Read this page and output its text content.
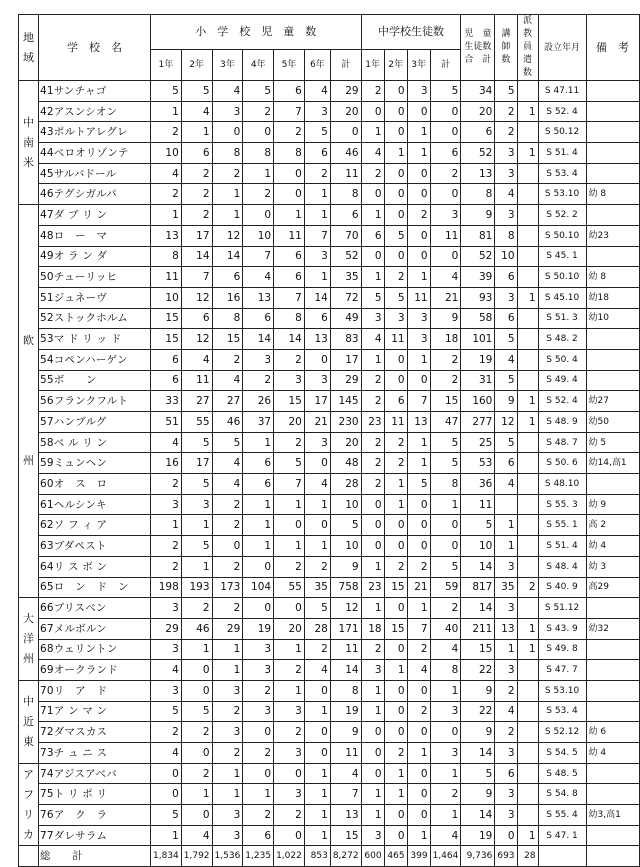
地域	学　校　名	小　学　校　児　童　数							中学校生徒数				児　童
生徒数
合　計	講
師
数	派教
員
遣数	設立年月	備　考
		1年	2年	3年	4年	5年	6年	計	1年	2年	3年	計					
中
南
米	41サンチャゴ	5	5	4	5	6	4	29	2	0	3	5	34	5		S 47.11	
	42アスンシオン	1	4	3	2	7	3	20	0	0	0	0	20	2	1	S 52. 4	
	43ポルトアレグレ	2	1	0	0	2	5	0	1	0	1	0	6	2		S 50.12	
	44ベロオリゾンテ	10	6	8	8	8	6	46	4	1	1	6	52	3	1	S 51. 4	
	45サルバドール	4	2	2	1	0	2	11	2	0	0	2	13	3		S 53. 4	
	46テグシガルパ	2	2	1	2	0	1	8	0	0	0	0	8	4		S 53.10	幼 8
欧

州	47ダ ブ リ ン	1	2	1	0	1	1	6	1	0	2	3	9	3		S 52. 2	
	48ロ　ー　マ	13	17	12	10	11	7	70	6	5	0	11	81	8		S 50.10	幼23
	49オ ラ ン ダ	8	14	14	7	6	3	52	0	0	0	0	52	10		S 45. 1	
	50チューリッヒ	11	7	6	4	6	1	35	1	2	1	4	39	6		S 50.10	幼 8
	51ジュネーヴ	10	12	16	13	7	14	72	5	5	11	21	93	3	1	S 45.10	幼18
	52ストックホルム	15	6	8	6	8	6	49	3	3	3	9	58	6		S 51. 3	幼10
	53マ ド リ ッ ド	15	12	15	14	14	13	83	4	11	3	18	101	5		S 48. 2	
	54コペンハーゲン	6	4	2	3	2	0	17	1	0	1	2	19	4		S 50. 4	
	55ボ　　ン	6	11	4	2	3	3	29	2	0	0	2	31	5		S 49. 4	
	56フランクフルト	33	27	27	26	15	17	145	2	6	7	15	160	9	1	S 52. 4	幼27
	57ハンブルグ	51	55	46	37	20	21	230	23	11	13	47	277	12	1	S 48. 9	幼50
	58ベ ル リ ン	4	5	5	1	2	3	20	2	2	1	5	25	5		S 48. 7	幼 5
	59ミュンヘン	16	17	4	6	5	0	48	2	2	1	5	53	6		S 50. 6	幼14,高1
	60オ　ス　ロ	2	5	4	6	7	4	28	2	1	5	8	36	4		S 48.10	
	61ヘルシンキ	3	3	2	1	1	1	10	0	1	0	1	11			S 55. 3	幼 9
	62ソ フ ィ ア	1	1	2	1	0	0	5	0	0	0	0	5	1		S 55. 1	高 2
	63ブダペスト	2	5	0	1	1	1	10	0	0	0	0	10	1		S 51. 4	幼 4
	64リ ス ボ ン	2	1	2	0	2	2	9	1	2	2	5	14	3		S 48. 4	幼 3
	65ロ　ン　ド　ン	198	193	173	104	55	35	758	23	15	21	59	817	35	2	S 40. 9	高29
大
洋
州	66ブリスベン	3	2	2	0	0	5	12	1	0	1	2	14	3		S 51.12	
	67メルボルン	29	46	29	19	20	28	171	18	15	7	40	211	13	1	S 43. 9	幼32
	68ウェリントン	3	1	1	3	1	2	11	2	0	2	4	15	1	1	S 49. 8	
	69オークランド	4	0	1	3	2	4	14	3	1	4	8	22	3		S 47. 7	
中
近
東	70リ　ア　ド	3	0	3	2	1	0	8	1	0	0	1	9	2		S 53.10	
	71ア ン マ ン	5	5	2	3	3	1	19	1	0	2	3	22	4		S 53. 4	
	72ダマスカス	2	2	3	0	2	0	9	0	0	0	0	9	2		S 52.12	幼 6
	73チ ュ ニ ス	4	0	2	2	3	0	11	0	2	1	3	14	3		S 54. 5	幼 4
アフ
リカ	74アジスアベバ	0	2	1	0	0	1	4	0	1	0	1	5	6		S 48. 5	
	75ト リ ポ リ	0	1	1	1	3	1	7	1	1	0	2	9	3		S 54. 8	
	76ア　ク　ラ	5	0	3	2	2	1	13	1	0	0	1	14	3		S 55. 4	幼3,高1
	77ダレサラム	1	4	3	6	0	1	15	3	0	1	4	19	0	1	S 47. 1	
	総　　計	1,834	1,792	1,536	1,235	1,022	853	8,272	600	465	399	1,464	9,736	693	28		
